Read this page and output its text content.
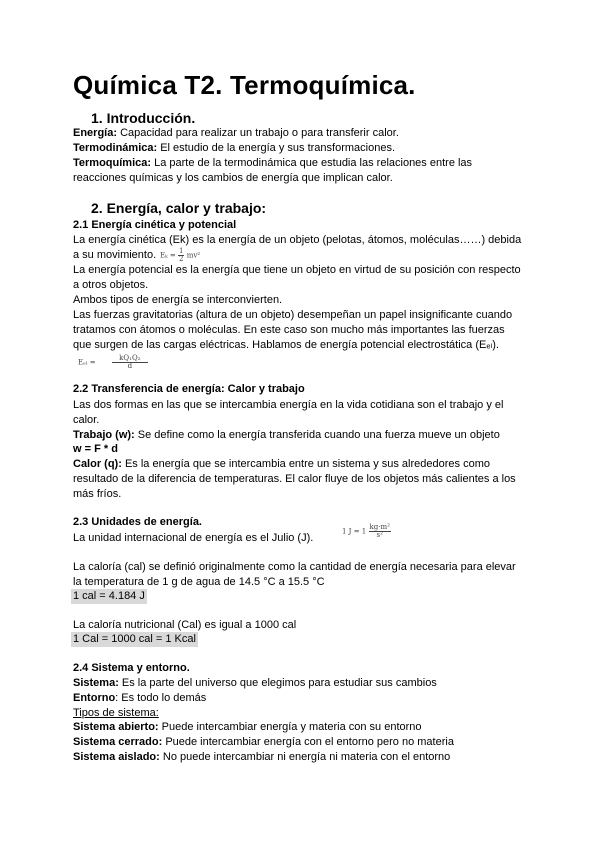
Química T2. Termoquímica.
1. Introducción.
Energía: Capacidad para realizar un trabajo o para transferir calor.
Termodinámica: El estudio de la energía y sus transformaciones.
Termoquímica: La parte de la termodinámica que estudia las relaciones entre las
reacciones químicas y los cambios de energía que implican calor.
2. Energía, calor y trabajo:
2.1 Energía cinética y potencial
La energía cinética (Ek) es la energía de un objeto (pelotas, átomos, moléculas……) debida
a su movimiento. $E_k = \frac{1}{2} mv^2$
La energía potencial es la energía que tiene un objeto en virtud de su posición con respecto
a otros objetos.
Ambos tipos de energía se interconvierten.
Las fuerzas gravitatorias (altura de un objeto) desempeñan un papel insignificante cuando
tratamos con átomos o moléculas. En este caso son mucho más importantes las fuerzas
que surgen de las cargas eléctricas. Hablamos de energía potencial electrostática (Eₑₗ).
$E_{el} = \frac{\text{kQ₁Q₂}}{d}$
2.2 Transferencia de energía: Calor y trabajo
Las dos formas en las que se intercambia energía en la vida cotidiana son el trabajo y el
calor.
Trabajo (w): Se define como la energía transferida cuando una fuerza mueve un objeto
w = F * d
Calor (q): Es la energía que se intercambia entre un sistema y sus alrededores como
resultado de la diferencia de temperaturas. El calor fluye de los objetos más calientes a los
más fríos.
2.3 Unidades de energía.
La unidad internacional de energía es el Julio (J).
1 $J = 1 \frac{\text{kg·m²}}{\text{s²}}$
La caloría (cal) se definió originalmente como la cantidad de energía necesaria para elevar
la temperatura de 1 g de agua de 14.5 °C a 15.5 °C
1 cal = 4.184 J
La caloría nutricional (Cal) es igual a 1000 cal
1 Cal = 1000 cal = 1 Kcal
2.4 Sistema y entorno.
Sistema: Es la parte del universo que elegimos para estudiar sus cambios
Entorno: Es todo lo demás
Tipos de sistema:
Sistema abierto: Puede intercambiar energía y materia con su entorno
Sistema cerrado: Puede intercambiar energía con el entorno pero no materia
Sistema aislado: No puede intercambiar ni energía ni materia con el entorno
